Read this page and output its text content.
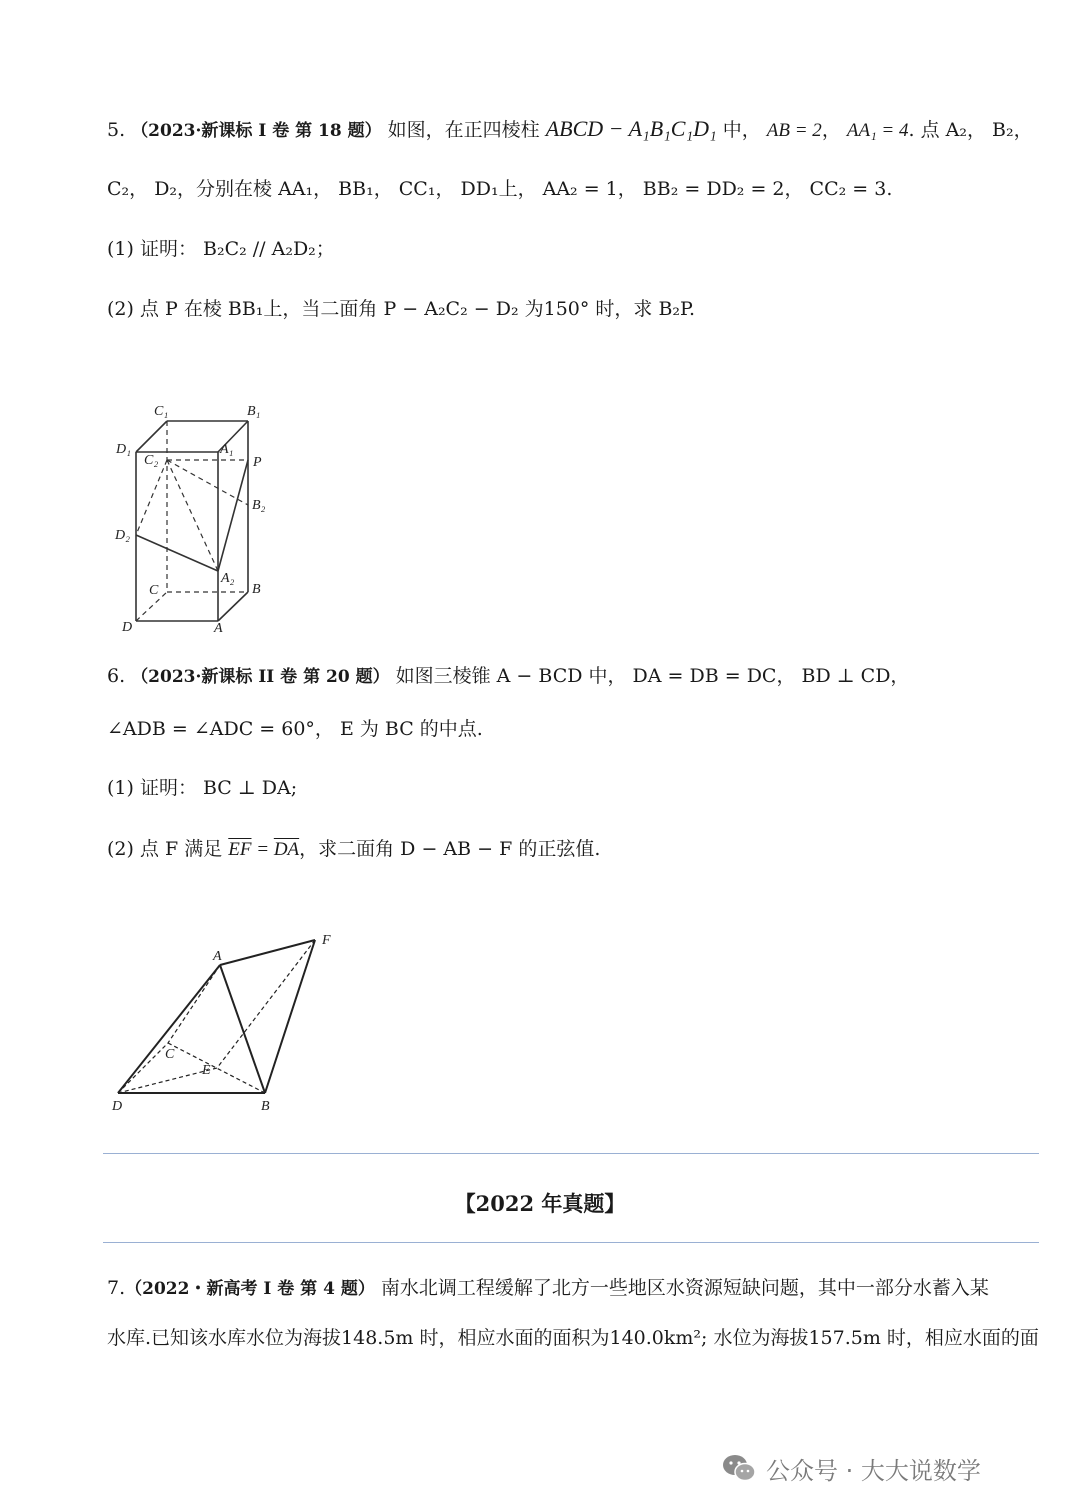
5. （2023·新课标 I 卷 第 18 题） 如图，在正四棱柱 ABCD − A₁B₁C₁D₁ 中， AB = 2， AA₁ = 4. 点 A₂， B₂，
C₂， D₂，分别在棱 AA₁， BB₁， CC₁， DD₁上， AA₂ = 1， BB₂ = DD₂ = 2， CC₂ = 3.
(1) 证明： B₂C₂ // A₂D₂；
(2) 点 P 在棱 BB₁上，当二面角 P − A₂C₂ − D₂ 为150° 时，求 B₂P.
C₁	B₁
D₁	A₁
C₂	P
B₂
D₂
A₂
C	B
D	A
6. （2023·新课标 II 卷 第 20 题） 如图三棱锥 A − BCD 中， DA = DB = DC， BD ⊥ CD，
∠ADB = ∠ADC = 60°， E 为 BC 的中点.
(1) 证明： BC ⊥ DA;
(2) 点 F 满足 $\overline{EF} = \overline{DA}$，求二面角 D − AB − F 的正弦值.
A
F
C
E
D	B
【2022 年真题】
7.（2022・新高考 I 卷 第 4 题） 南水北调工程缓解了北方一些地区水资源短缺问题，其中一部分水蓄入某
水库.已知该水库水位为海拔148.5m 时，相应水面的面积为140.0km²; 水位为海拔157.5m 时，相应水面的面
公众号 · 大大说数学
